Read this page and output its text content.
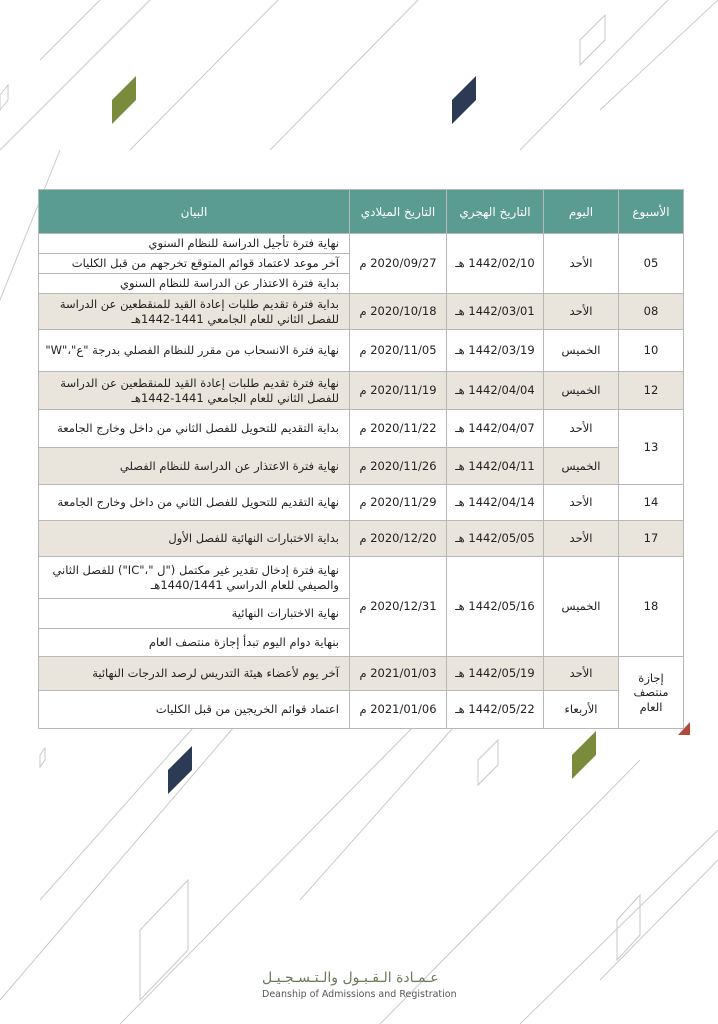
الأسبوع	اليوم	التاريخ الهجري	التاريخ الميلادي	البيان
05	الأحد	1442/02/10 هـ	2020/09/27 م	نهاية فترة تأجيل الدراسة للنظام السنوي
				آخر موعد لاعتماد قوائم المتوقع تخرجهم من قبل الكليات
				بداية فترة الاعتذار عن الدراسة للنظام السنوي
08	الأحد	1442/03/01 هـ	2020/10/18 م	بداية فترة تقديم طلبات إعادة القيد للمنقطعين عن الدراسة
للفصل الثاني للعام الجامعي 1441-1442هـ

10	الخميس	1442/03/19 هـ	2020/11/05 م	نهاية فترة الانسحاب من مقرر للنظام الفصلي بدرجة "ع"،"W"
12	الخميس	1442/04/04 هـ	2020/11/19 م	نهاية فترة تقديم طلبات إعادة القيد للمنقطعين عن الدراسة
للفصل الثاني للعام الجامعي 1441-1442هـ

13	الأحد	1442/04/07 هـ	2020/11/22 م	بداية التقديم للتحويل للفصل الثاني من داخل وخارج الجامعة
	الخميس	1442/04/11 هـ	2020/11/26 م	نهاية فترة الاعتذار عن الدراسة للنظام الفصلي
14	الأحد	1442/04/14 هـ	2020/11/29 م	نهاية التقديم للتحويل للفصل الثاني من داخل وخارج الجامعة
17	الأحد	1442/05/05 هـ	2020/12/20 م	بداية الاختبارات النهائية للفصل الأول
18	الخميس	1442/05/16 هـ	2020/12/31 م	نهاية فترة إدخال تقدير غير مكتمل ("ل "،"IC") للفصل الثاني
والصيفي للعام الدراسي 1440/1441هـ

				نهاية الاختبارات النهائية
				بنهاية دوام اليوم تبدأ إجازة منتصف العام
إجازة منتصف العام	الأحد	1442/05/19 هـ	2021/01/03 م	آخر يوم لأعضاء هيئة التدريس لرصد الدرجات النهائية
	الأربعاء	1442/05/22 هـ	2021/01/06 م	اعتماد قوائم الخريجين من قبل الكليات
عـمـادة الـقـبـول والـتـسـجـيـل
Deanship of Admissions and Registration
